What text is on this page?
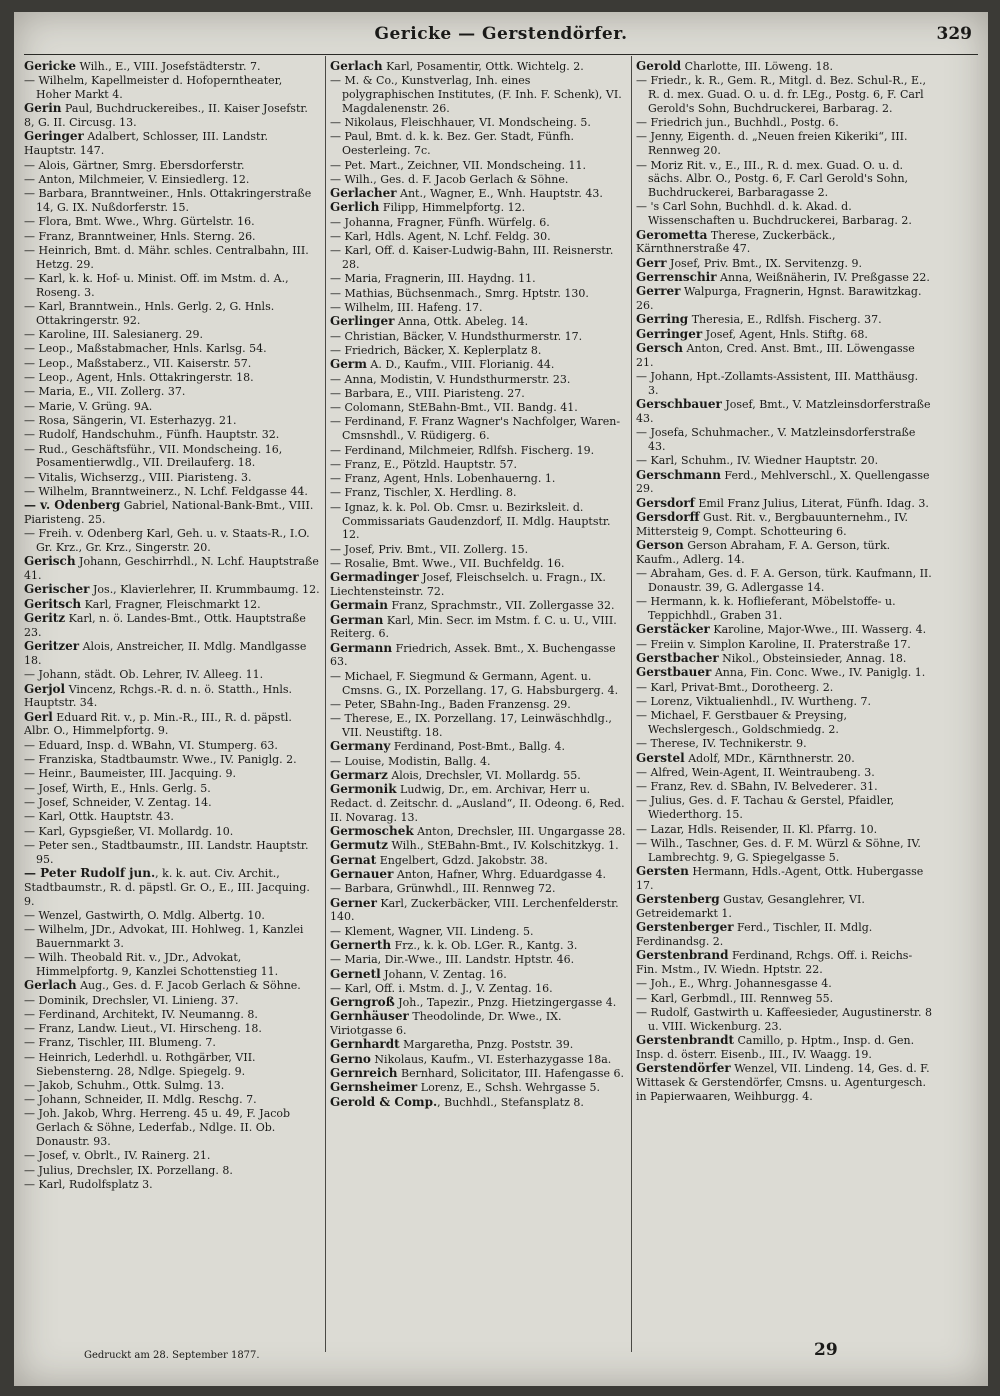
Gericke — Gerstendörfer.	329
Gericke Wilh., E., VIII. Josefstädterstr. 7.
— Wilhelm, Kapellmeister d. Hofoperntheater, Hoher Markt 4.
Gerin Paul, Buchdruckereibes., II. Kaiser Josefstr. 8, G. II. Circusg. 13.
Geringer Adalbert, Schlosser, III. Landstr. Hauptstr. 147.
— Alois, Gärtner, Smrg. Ebersdorferstr.
— Anton, Milchmeier, V. Einsiedlerg. 12.
— Barbara, Branntweiner., Hnls. Ottakringerstraße 14, G. IX. Nußdorferstr. 15.
— Flora, Bmt. Wwe., Whrg. Gürtelstr. 16.
— Franz, Branntweiner, Hnls. Sterng. 26.
— Heinrich, Bmt. d. Mähr. schles. Centralbahn, III. Hetzg. 29.
— Karl, k. k. Hof- u. Minist. Off. im Mstm. d. A., Roseng. 3.
— Karl, Branntwein., Hnls. Gerlg. 2, G. Hnls. Ottakringerstr. 92.
— Karoline, III. Salesianerg. 29.
— Leop., Maßstabmacher, Hnls. Karlsg. 54.
— Leop., Maßstaberz., VII. Kaiserstr. 57.
— Leop., Agent, Hnls. Ottakringerstr. 18.
— Maria, E., VII. Zollerg. 37.
— Marie, V. Grüng. 9A.
— Rosa, Sängerin, VI. Esterhazyg. 21.
— Rudolf, Handschuhm., Fünfh. Hauptstr. 32.
— Rud., Geschäftsführ., VII. Mondscheing. 16, Posamentierwdlg., VII. Dreilauferg. 18.
— Vitalis, Wichserzg., VIII. Piaristeng. 3.
— Wilhelm, Branntweinerz., N. Lchf. Feldgasse 44.
— v. Odenberg Gabriel, National-Bank-Bmt., VIII. Piaristeng. 25.
— Freih. v. Odenberg Karl, Geh. u. v. Staats-R., I.O. Gr. Krz., Gr. Krz., Singerstr. 20.
Gerisch Johann, Geschirrhdl., N. Lchf. Hauptstraße 41.
Gerischer Jos., Klavierlehrer, II. Krummbaumg. 12.
Geritsch Karl, Fragner, Fleischmarkt 12.
Geritz Karl, n. ö. Landes-Bmt., Ottk. Hauptstraße 23.
Geritzer Alois, Anstreicher, II. Mdlg. Mandlgasse 18.
— Johann, städt. Ob. Lehrer, IV. Alleeg. 11.
Gerjol Vincenz, Rchgs.-R. d. n. ö. Statth., Hnls. Hauptstr. 34.
Gerl Eduard Rit. v., p. Min.-R., III., R. d. päpstl. Albr. O., Himmelpfortg. 9.
— Eduard, Insp. d. WBahn, VI. Stumperg. 63.
— Franziska, Stadtbaumstr. Wwe., IV. Paniglg. 2.
— Heinr., Baumeister, III. Jacquing. 9.
— Josef, Wirth, E., Hnls. Gerlg. 5.
— Josef, Schneider, V. Zentag. 14.
— Karl, Ottk. Hauptstr. 43.
— Karl, Gypsgießer, VI. Mollardg. 10.
— Peter sen., Stadtbaumstr., III. Landstr. Hauptstr. 95.
— Peter Rudolf jun., k. k. aut. Civ. Archit., Stadtbaumstr., R. d. päpstl. Gr. O., E., III. Jacquing. 9.
— Wenzel, Gastwirth, O. Mdlg. Albertg. 10.
— Wilhelm, JDr., Advokat, III. Hohlweg. 1, Kanzlei Bauernmarkt 3.
— Wilh. Theobald Rit. v., JDr., Advokat, Himmelpfortg. 9, Kanzlei Schottenstieg 11.
Gerlach Aug., Ges. d. F. Jacob Gerlach & Söhne.
— Dominik, Drechsler, VI. Linieng. 37.
— Ferdinand, Architekt, IV. Neumanng. 8.
— Franz, Landw. Lieut., VI. Hirscheng. 18.
— Franz, Tischler, III. Blumeng. 7.
— Heinrich, Lederhdl. u. Rothgärber, VII. Siebensterng. 28, Ndlge. Spiegelg. 9.
— Jakob, Schuhm., Ottk. Sulmg. 13.
— Johann, Schneider, II. Mdlg. Reschg. 7.
— Joh. Jakob, Whrg. Herreng. 45 u. 49, F. Jacob Gerlach & Söhne, Lederfab., Ndlge. II. Ob. Donaustr. 93.
— Josef, v. Obrlt., IV. Rainerg. 21.
— Julius, Drechsler, IX. Porzellang. 8.
— Karl, Rudolfsplatz 3.
Gerlach Karl, Posamentir, Ottk. Wichtelg. 2.
— M. & Co., Kunstverlag, Inh. eines polygraphischen Institutes, (F. Inh. F. Schenk), VI. Magdalenenstr. 26.
— Nikolaus, Fleischhauer, VI. Mondscheing. 5.
— Paul, Bmt. d. k. k. Bez. Ger. Stadt, Fünfh. Oesterleing. 7c.
— Pet. Mart., Zeichner, VII. Mondscheing. 11.
— Wilh., Ges. d. F. Jacob Gerlach & Söhne.
Gerlacher Ant., Wagner, E., Wnh. Hauptstr. 43.
Gerlich Filipp, Himmelpfortg. 12.
— Johanna, Fragner, Fünfh. Würfelg. 6.
— Karl, Hdls. Agent, N. Lchf. Feldg. 30.
— Karl, Off. d. Kaiser-Ludwig-Bahn, III. Reisnerstr. 28.
— Maria, Fragnerin, III. Haydng. 11.
— Mathias, Büchsenmach., Smrg. Hptstr. 130.
— Wilhelm, III. Hafeng. 17.
Gerlinger Anna, Ottk. Abeleg. 14.
— Christian, Bäcker, V. Hundsthurmerstr. 17.
— Friedrich, Bäcker, X. Keplerplatz 8.
Germ A. D., Kaufm., VIII. Florianig. 44.
— Anna, Modistin, V. Hundsthurmerstr. 23.
— Barbara, E., VIII. Piaristeng. 27.
— Colomann, StEBahn-Bmt., VII. Bandg. 41.
— Ferdinand, F. Franz Wagner's Nachfolger, Waren-Cmsnshdl., V. Rüdigerg. 6.
— Ferdinand, Milchmeier, Rdlfsh. Fischerg. 19.
— Franz, E., Pötzld. Hauptstr. 57.
— Franz, Agent, Hnls. Lobenhauerng. 1.
— Franz, Tischler, X. Herdling. 8.
— Ignaz, k. k. Pol. Ob. Cmsr. u. Bezirksleit. d. Commissariats Gaudenzdorf, II. Mdlg. Hauptstr. 12.
— Josef, Priv. Bmt., VII. Zollerg. 15.
— Rosalie, Bmt. Wwe., VII. Buchfeldg. 16.
Germadinger Josef, Fleischselch. u. Fragn., IX. Liechtensteinstr. 72.
Germain Franz, Sprachmstr., VII. Zollergasse 32.
German Karl, Min. Secr. im Mstm. f. C. u. U., VIII. Reiterg. 6.
Germann Friedrich, Assek. Bmt., X. Buchengasse 63.
— Michael, F. Siegmund & Germann, Agent. u. Cmsns. G., IX. Porzellang. 17, G. Habsburgerg. 4.
— Peter, SBahn-Ing., Baden Franzensg. 29.
— Therese, E., IX. Porzellang. 17, Leinwäschhdlg., VII. Neustiftg. 18.
Germany Ferdinand, Post-Bmt., Ballg. 4.
— Louise, Modistin, Ballg. 4.
Germarz Alois, Drechsler, VI. Mollardg. 55.
Germonik Ludwig, Dr., em. Archivar, Herr u. Redact. d. Zeitschr. d. „Ausland“, II. Odeong. 6, Red. II. Novarag. 13.
Germoschek Anton, Drechsler, III. Ungargasse 28.
Germutz Wilh., StEBahn-Bmt., IV. Kolschitzkyg. 1.
Gernat Engelbert, Gdzd. Jakobstr. 38.
Gernauer Anton, Hafner, Whrg. Eduardgasse 4.
— Barbara, Grünwhdl., III. Rennweg 72.
Gerner Karl, Zuckerbäcker, VIII. Lerchenfelderstr. 140.
— Klement, Wagner, VII. Lindeng. 5.
Gernerth Frz., k. k. Ob. LGer. R., Kantg. 3.
— Maria, Dir.-Wwe., III. Landstr. Hptstr. 46.
Gernetl Johann, V. Zentag. 16.
— Karl, Off. i. Mstm. d. J., V. Zentag. 16.
Gerngroß Joh., Tapezir., Pnzg. Hietzingergasse 4.
Gernhäuser Theodolinde, Dr. Wwe., IX. Viriotgasse 6.
Gernhardt Margaretha, Pnzg. Poststr. 39.
Gerno Nikolaus, Kaufm., VI. Esterhazygasse 18a.
Gernreich Bernhard, Solicitator, III. Hafengasse 6.
Gernsheimer Lorenz, E., Schsh. Wehrgasse 5.
Gerold & Comp., Buchhdl., Stefansplatz 8.
Gerold Charlotte, III. Löweng. 18.
— Friedr., k. R., Gem. R., Mitgl. d. Bez. Schul-R., E., R. d. mex. Guad. O. u. d. fr. LEg., Postg. 6, F. Carl Gerold's Sohn, Buchdruckerei, Barbarag. 2.
— Friedrich jun., Buchhdl., Postg. 6.
— Jenny, Eigenth. d. „Neuen freien Kikeriki“, III. Rennweg 20.
— Moriz Rit. v., E., III., R. d. mex. Guad. O. u. d. sächs. Albr. O., Postg. 6, F. Carl Gerold's Sohn, Buchdruckerei, Barbaragasse 2.
— 's Carl Sohn, Buchhdl. d. k. Akad. d. Wissenschaften u. Buchdruckerei, Barbarag. 2.
Gerometta Therese, Zuckerbäck., Kärnthnerstraße 47.
Gerr Josef, Priv. Bmt., IX. Servitenzg. 9.
Gerrenschir Anna, Weißnäherin, IV. Preßgasse 22.
Gerrer Walpurga, Fragnerin, Hgnst. Barawitzkag. 26.
Gerring Theresia, E., Rdlfsh. Fischerg. 37.
Gerringer Josef, Agent, Hnls. Stiftg. 68.
Gersch Anton, Cred. Anst. Bmt., III. Löwengasse 21.
— Johann, Hpt.-Zollamts-Assistent, III. Matthäusg. 3.
Gerschbauer Josef, Bmt., V. Matzleinsdorferstraße 43.
— Josefa, Schuhmacher., V. Matzleinsdorferstraße 43.
— Karl, Schuhm., IV. Wiedner Hauptstr. 20.
Gerschmann Ferd., Mehlverschl., X. Quellengasse 29.
Gersdorf Emil Franz Julius, Literat, Fünfh. Idag. 3.
Gersdorff Gust. Rit. v., Bergbauunternehm., IV. Mittersteig 9, Compt. Schotteuring 6.
Gerson Gerson Abraham, F. A. Gerson, türk. Kaufm., Adlerg. 14.
— Abraham, Ges. d. F. A. Gerson, türk. Kaufmann, II. Donaustr. 39, G. Adlergasse 14.
— Hermann, k. k. Hoflieferant, Möbelstoffe- u. Teppichhdl., Graben 31.
Gerstäcker Karoline, Major-Wwe., III. Wasserg. 4.
— Freiin v. Simplon Karoline, II. Praterstraße 17.
Gerstbacher Nikol., Obsteinsieder, Annag. 18.
Gerstbauer Anna, Fin. Conc. Wwe., IV. Paniglg. 1.
— Karl, Privat-Bmt., Dorotheerg. 2.
— Lorenz, Viktualienhdl., IV. Wurtheng. 7.
— Michael, F. Gerstbauer & Preysing, Wechslergesch., Goldschmiedg. 2.
— Therese, IV. Technikerstr. 9.
Gerstel Adolf, MDr., Kärnthnerstr. 20.
— Alfred, Wein-Agent, II. Weintraubeng. 3.
— Franz, Rev. d. SBahn, IV. Belvederег. 31.
— Julius, Ges. d. F. Tachau & Gerstel, Pfaidler, Wiederthorg. 15.
— Lazar, Hdls. Reisender, II. Kl. Pfarrg. 10.
— Wilh., Taschner, Ges. d. F. M. Würzl & Söhne, IV. Lambrechtg. 9, G. Spiegelgasse 5.
Gersten Hermann, Hdls.-Agent, Ottk. Hubergasse 17.
Gerstenberg Gustav, Gesanglehrer, VI. Getreidemarkt 1.
Gerstenberger Ferd., Tischler, II. Mdlg. Ferdinandsg. 2.
Gerstenbrand Ferdinand, Rchgs. Off. i. Reichs-Fin. Mstm., IV. Wiedn. Hptstr. 22.
— Joh., E., Whrg. Johannesgasse 4.
— Karl, Gerbmdl., III. Rennweg 55.
— Rudolf, Gastwirth u. Kaffeesieder, Augustinerstr. 8 u. VIII. Wickenburg. 23.
Gerstenbrandt Camillo, p. Hptm., Insp. d. Gen. Insp. d. österr. Eisenb., III., IV. Waagg. 19.
Gerstendörfer Wenzel, VII. Lindeng. 14, Ges. d. F. Wittasek & Gerstendörfer, Cmsns. u. Agenturgesch. in Papierwaaren, Weihburgg. 4.
Gedruckt am 28. September 1877.	29
